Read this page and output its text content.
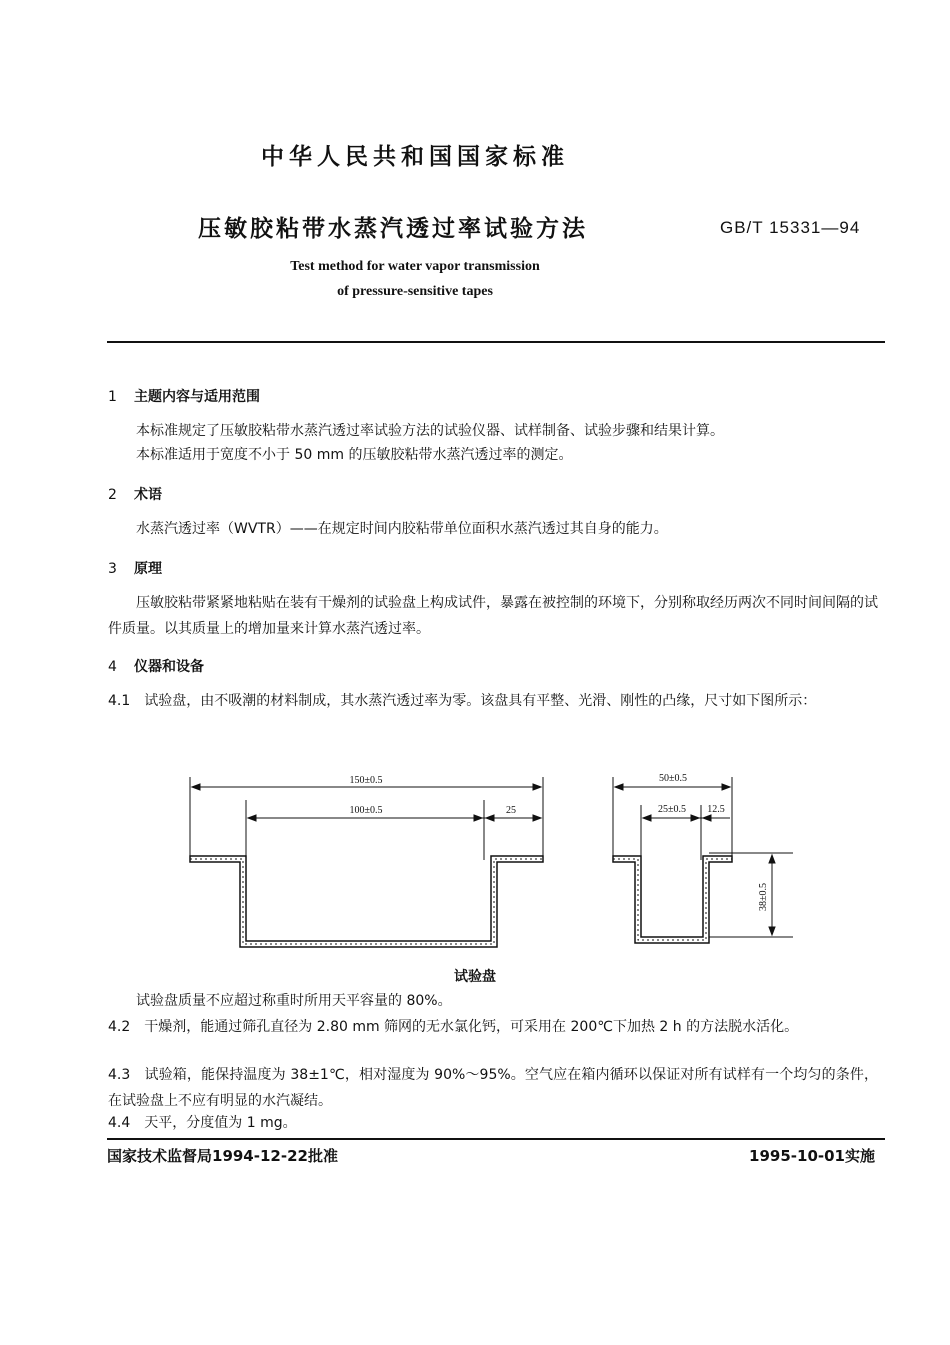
中华人民共和国国家标准
压敏胶粘带水蒸汽透过率试验方法	GB/T 15331—94
Test method for water vapor transmission
of pressure-sensitive tapes
1 主题内容与适用范围
本标准规定了压敏胶粘带水蒸汽透过率试验方法的试验仪器、试样制备、试验步骤和结果计算。
本标准适用于宽度不小于 50 mm 的压敏胶粘带水蒸汽透过率的测定。
2 术语
水蒸汽透过率（WVTR）——在规定时间内胶粘带单位面积水蒸汽透过其自身的能力。
3 原理
压敏胶粘带紧紧地粘贴在装有干燥剂的试验盘上构成试件，暴露在被控制的环境下，分别称取经历两次不同时间间隔的试件质量。以其质量上的增加量来计算水蒸汽透过率。
4 仪器和设备
4.1　试验盘，由不吸潮的材料制成，其水蒸汽透过率为零。该盘具有平整、光滑、刚性的凸缘，尺寸如下图所示：
150±0.5
100±0.5	25
50±0.5
25±0.5 12.5
38±0.5
试验盘
试验盘质量不应超过称重时所用天平容量的 80%。
4.2　干燥剂，能通过筛孔直径为 2.80 mm 筛网的无水氯化钙，可采用在 200℃下加热 2 h 的方法脱水活化。
4.3　试验箱，能保持温度为 38±1℃，相对湿度为 90%～95%。空气应在箱内循环以保证对所有试样有一个均匀的条件，在试验盘上不应有明显的水汽凝结。
4.4　天平，分度值为 1 mg。
国家技术监督局1994-12-22批准	1995-10-01实施
